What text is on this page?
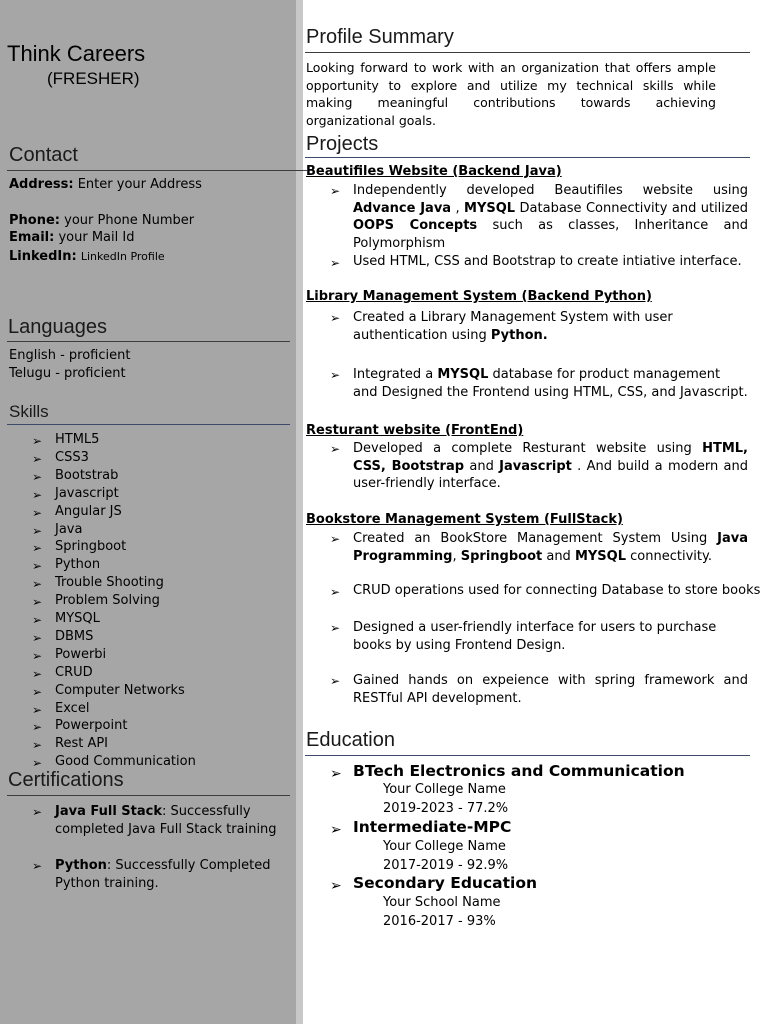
Think Careers
(FRESHER)
Contact
Address: Enter your Address
Phone: your Phone Number
Email: your Mail Id
LinkedIn: LinkedIn Profile
Languages
English - proficient
Telugu - proficient
Skills
➢ HTML5
➢ CSS3
➢ Bootstrab
➢ Javascript
➢ Angular JS
➢ Java
➢ Springboot
➢ Python
➢ Trouble Shooting
➢ Problem Solving
➢ MYSQL
➢ DBMS
➢ Powerbi
➢ CRUD
➢ Computer Networks
➢ Excel
➢ Powerpoint
➢ Rest API
➢ Good Communication
Certifications
➢ Java Full Stack: Successfully completed Java Full Stack training
➢ Python: Successfully Completed Python training.
Profile Summary
Looking forward to work with an organization that offers ample opportunity to explore and utilize my technical skills while making meaningful contributions towards achieving organizational goals.
Projects
Beautifiles Website (Backend Java)
➢ Independently developed Beautifiles website using Advance Java , MYSQL Database Connectivity and utilized OOPS Concepts such as classes, Inheritance and Polymorphism
➢ Used HTML, CSS and Bootstrap to create intiative interface.
Library Management System (Backend Python)
➢ Created a Library Management System with user authentication using Python.
➢ Integrated a MYSQL database for product management and Designed the Frontend using HTML, CSS, and Javascript.
Resturant website (FrontEnd)
➢ Developed a complete Resturant website using HTML, CSS, Bootstrap and Javascript . And build a modern and user-friendly interface.
Bookstore Management System (FullStack)
➢ Created an BookStore Management System Using Java Programming, Springboot and MYSQL connectivity.
➢ CRUD operations used for connecting Database to store books
➢ Designed a user-friendly interface for users to purchase books by using Frontend Design.
➢ Gained hands on expeience with spring framework and RESTful API development.
Education
➢ BTech Electronics and Communication
Your College Name
2019-2023 - 77.2%
➢ Intermediate-MPC
Your College Name
2017-2019 - 92.9%
➢ Secondary Education
Your School Name
2016-2017 - 93%
